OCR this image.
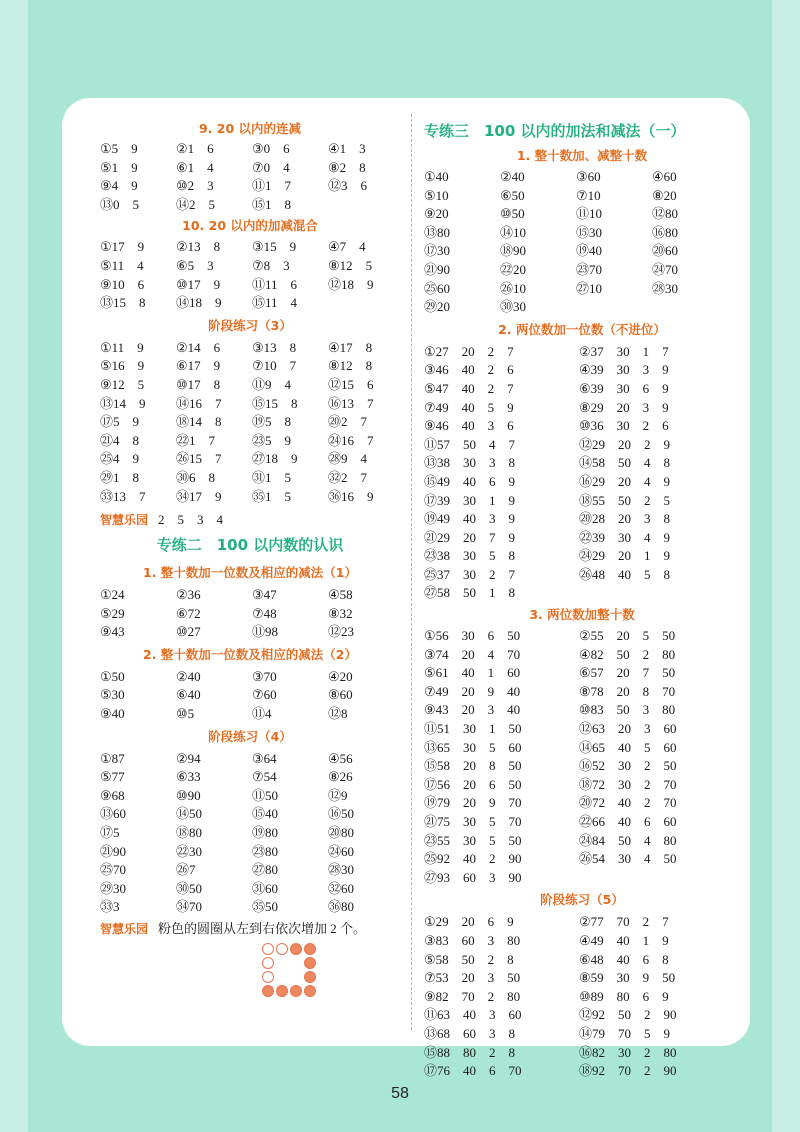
9. 20 以内的连减
①5　9	②1　6	③0　6	④1　3
⑤1　9	⑥1　4	⑦0　4	⑧2　8
⑨4　9	⑩2　3	⑪1　7	⑫3　6
⑬0　5	⑭2　5	⑮1　8
10. 20 以内的加减混合
①17　9	②13　8	③15　9	④7　4
⑤11　4	⑥5　3	⑦8　3	⑧12　5
⑨10　6	⑩17　9	⑪11　6	⑫18　9
⑬15　8	⑭18　9	⑮11　4
阶段练习（3）
①11　9	②14　6	③13　8	④17　8
⑤16　9	⑥17　9	⑦10　7	⑧12　8
⑨12　5	⑩17　8	⑪9　4	⑫15　6
⑬14　9	⑭16　7	⑮15　8	⑯13　7
⑰5　9	⑱14　8	⑲5　8	⑳2　7
㉑4　8	㉒1　7	㉓5　9	㉔16　7
㉕4　9	㉖15　7	㉗18　9	㉘9　4
㉙1　8	㉚6　8	㉛1　5	㉜2　7
㉝13　7	㉞17　9	㉟1　5	㊱16　9
智慧乐园 2　5　3　4
专练二　100 以内数的认识
1. 整十数加一位数及相应的减法（1）
①24	②36	③47	④58
⑤29	⑥72	⑦48	⑧32
⑨43	⑩27	⑪98	⑫23
2. 整十数加一位数及相应的减法（2）
①50	②40	③70	④20
⑤30	⑥40	⑦60	⑧60
⑨40	⑩5	⑪4	⑫8
阶段练习（4）
①87	②94	③64	④56
⑤77	⑥33	⑦54	⑧26
⑨68	⑩90	⑪50	⑫9
⑬60	⑭50	⑮40	⑯50
⑰5	⑱80	⑲80	⑳80
㉑90	㉒30	㉓80	㉔60
㉕70	㉖7	㉗80	㉘30
㉙30	㉚50	㉛60	㉜60
㉝3	㉞70	㉟50	㊱80
智慧乐园 粉色的圆圈从左到右依次增加 2 个。
专练三　100 以内的加法和减法（一）
1. 整十数加、减整十数
①40	②40	③60	④60
⑤10	⑥50	⑦10	⑧20
⑨20	⑩50	⑪10	⑫80
⑬80	⑭10	⑮30	⑯80
⑰30	⑱90	⑲40	⑳60
㉑90	㉒20	㉓70	㉔70
㉕60	㉖10	㉗10	㉘30
㉙20	㉚30
2. 两位数加一位数（不进位）
①27　20　2　7	②37　30　1　7
③46　40　2　6	④39　30　3　9
⑤47　40　2　7	⑥39　30　6　9
⑦49　40　5　9	⑧29　20　3　9
⑨46　40　3　6	⑩36　30　2　6
⑪57　50　4　7	⑫29　20　2　9
⑬38　30　3　8	⑭58　50　4　8
⑮49　40　6　9	⑯29　20　4　9
⑰39　30　1　9	⑱55　50　2　5
⑲49　40　3　9	⑳28　20　3　8
㉑29　20　7　9	㉒39　30　4　9
㉓38　30　5　8	㉔29　20　1　9
㉕37　30　2　7	㉖48　40　5　8
㉗58　50　1　8
3. 两位数加整十数
①56　30　6　50	②55　20　5　50
③74　20　4　70	④82　50　2　80
⑤61　40　1　60	⑥57　20　7　50
⑦49　20　9　40	⑧78　20　8　70
⑨43　20　3　40	⑩83　50　3　80
⑪51　30　1　50	⑫63　20　3　60
⑬65　30　5　60	⑭65　40　5　60
⑮58　20　8　50	⑯52　30　2　50
⑰56　20　6　50	⑱72　30　2　70
⑲79　20　9　70	⑳72　40　2　70
㉑75　30　5　70	㉒66　40　6　60
㉓55　30　5　50	㉔84　50　4　80
㉕92　40　2　90	㉖54　30　4　50
㉗93　60　3　90
阶段练习（5）
①29　20　6　9	②77　70　2　7
③83　60　3　80	④49　40　1　9
⑤58　50　2　8	⑥48　40　6　8
⑦53　20　3　50	⑧59　30　9　50
⑨82　70　2　80	⑩89　80　6　9
⑪63　40　3　60	⑫92　50　2　90
⑬68　60　3　8	⑭79　70　5　9
⑮88　80　2　8	⑯82　30　2　80
⑰76　40　6　70	⑱92　70　2　90
58
